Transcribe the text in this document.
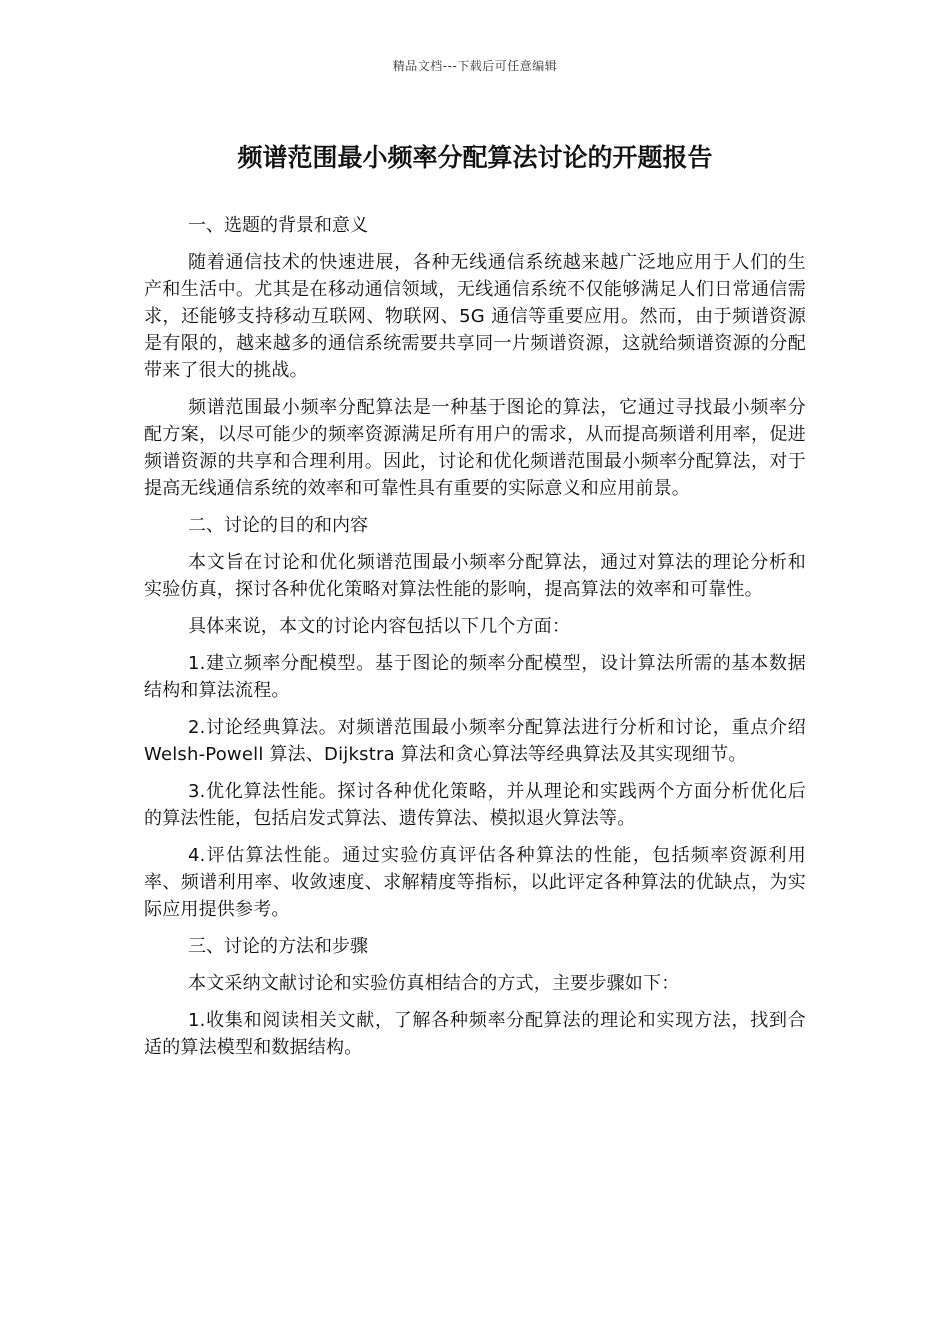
精品文档---下载后可任意编辑
频谱范围最小频率分配算法讨论的开题报告

一、选题的背景和意义

随着通信技术的快速进展，各种无线通信系统越来越广泛地应用于人们的生产和生活中。尤其是在移动通信领域，无线通信系统不仅能够满足人们日常通信需求，还能够支持移动互联网、物联网、5G 通信等重要应用。然而，由于频谱资源是有限的，越来越多的通信系统需要共享同一片频谱资源，这就给频谱资源的分配带来了很大的挑战。

频谱范围最小频率分配算法是一种基于图论的算法，它通过寻找最小频率分配方案，以尽可能少的频率资源满足所有用户的需求，从而提高频谱利用率，促进频谱资源的共享和合理利用。因此，讨论和优化频谱范围最小频率分配算法，对于提高无线通信系统的效率和可靠性具有重要的实际意义和应用前景。

二、讨论的目的和内容

本文旨在讨论和优化频谱范围最小频率分配算法，通过对算法的理论分析和实验仿真，探讨各种优化策略对算法性能的影响，提高算法的效率和可靠性。

具体来说，本文的讨论内容包括以下几个方面：

1.建立频率分配模型。基于图论的频率分配模型，设计算法所需的基本数据结构和算法流程。

2.讨论经典算法。对频谱范围最小频率分配算法进行分析和讨论，重点介绍 Welsh-Powell 算法、Dijkstra 算法和贪心算法等经典算法及其实现细节。

3.优化算法性能。探讨各种优化策略，并从理论和实践两个方面分析优化后的算法性能，包括启发式算法、遗传算法、模拟退火算法等。

4.评估算法性能。通过实验仿真评估各种算法的性能，包括频率资源利用率、频谱利用率、收敛速度、求解精度等指标，以此评定各种算法的优缺点，为实际应用提供参考。

三、讨论的方法和步骤

本文采纳文献讨论和实验仿真相结合的方式，主要步骤如下：

1.收集和阅读相关文献，了解各种频率分配算法的理论和实现方法，找到合适的算法模型和数据结构。
